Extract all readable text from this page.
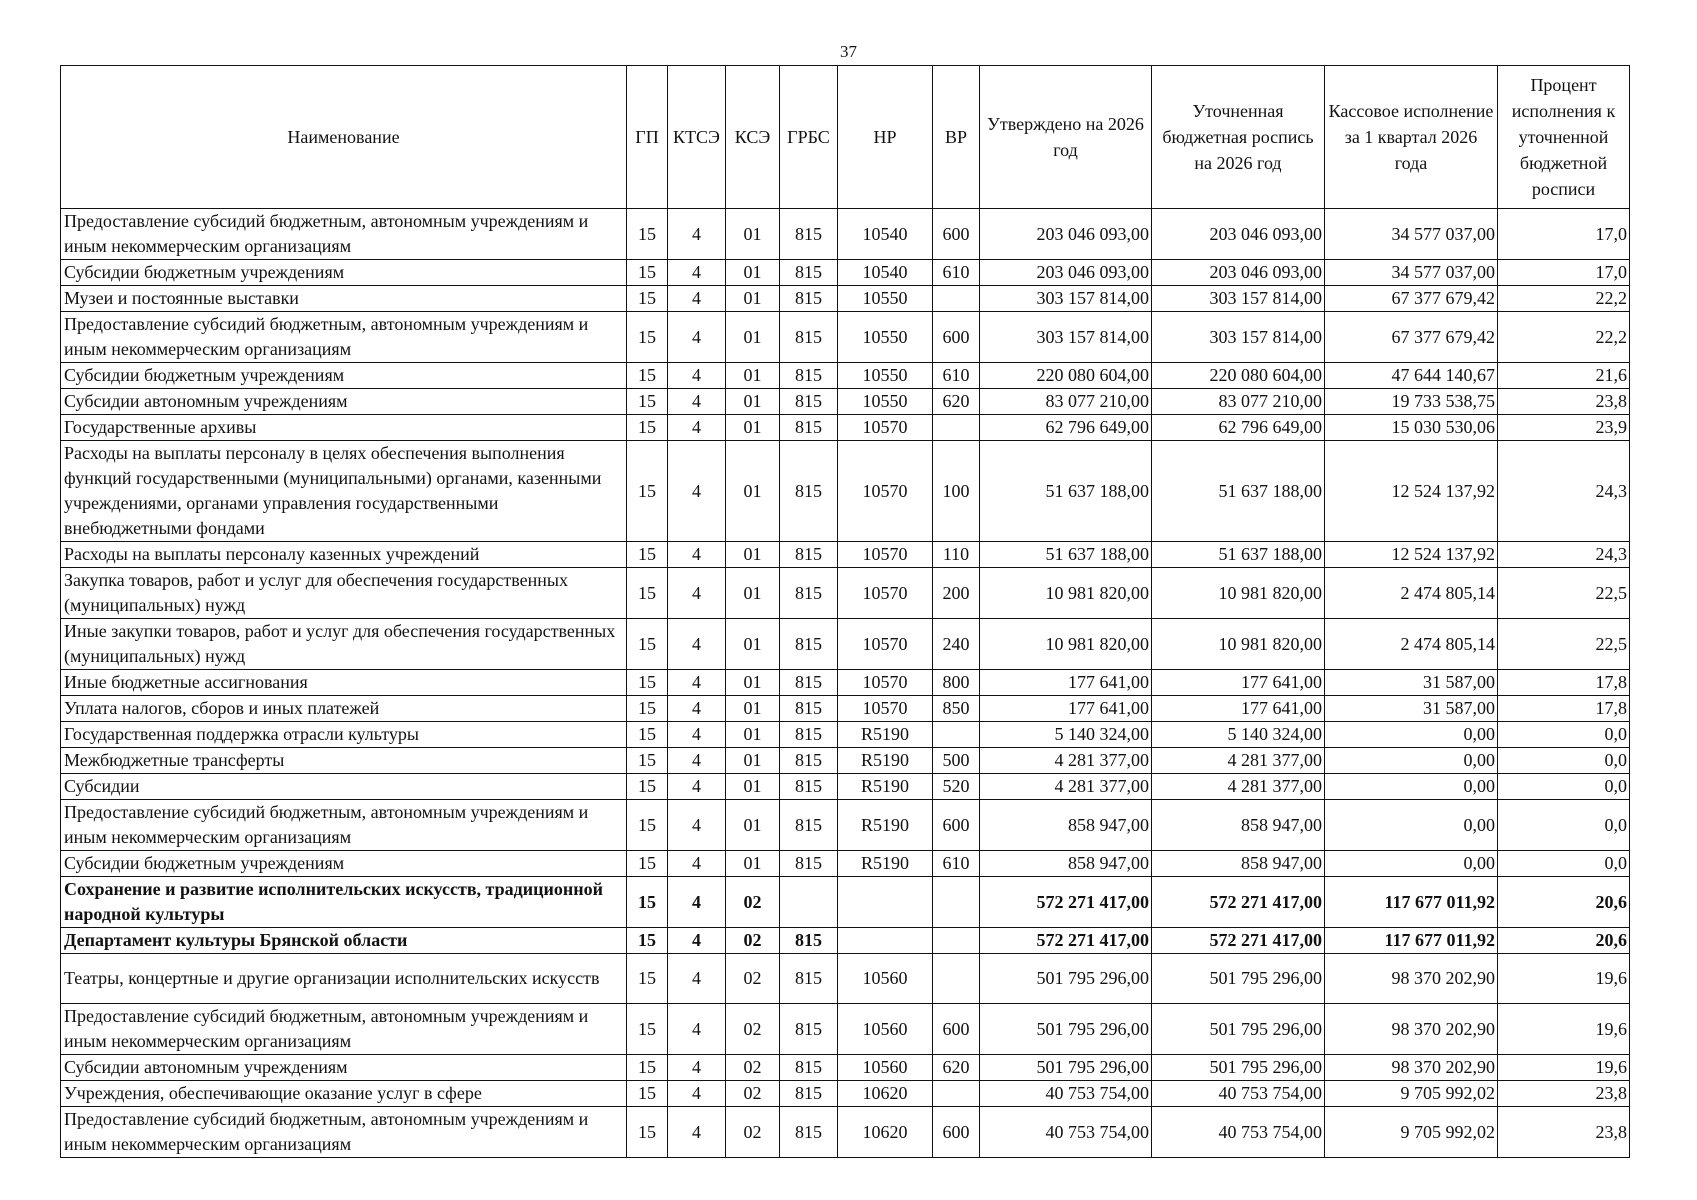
37
Наименование	ГП	КТСЭ	КСЭ	ГРБС	НР	ВР	Утверждено на 2026 год	Уточненная бюджетная роспись на 2026 год	Кассовое исполнение за 1 квартал 2026 года	Процент исполнения к уточненной бюджетной росписи
Предоставление субсидий бюджетным, автономным учреждениям и иным некоммерческим организациям	15	4	01	815	10540	600	203 046 093,00	203 046 093,00	34 577 037,00	17,0
Субсидии бюджетным учреждениям	15	4	01	815	10540	610	203 046 093,00	203 046 093,00	34 577 037,00	17,0
Музеи и постоянные выставки	15	4	01	815	10550		303 157 814,00	303 157 814,00	67 377 679,42	22,2
Предоставление субсидий бюджетным, автономным учреждениям и иным некоммерческим организациям	15	4	01	815	10550	600	303 157 814,00	303 157 814,00	67 377 679,42	22,2
Субсидии бюджетным учреждениям	15	4	01	815	10550	610	220 080 604,00	220 080 604,00	47 644 140,67	21,6
Субсидии автономным учреждениям	15	4	01	815	10550	620	83 077 210,00	83 077 210,00	19 733 538,75	23,8
Государственные архивы	15	4	01	815	10570		62 796 649,00	62 796 649,00	15 030 530,06	23,9
Расходы на выплаты персоналу в целях обеспечения выполнения функций государственными (муниципальными) органами, казенными учреждениями, органами управления государственными внебюджетными фондами	15	4	01	815	10570	100	51 637 188,00	51 637 188,00	12 524 137,92	24,3
Расходы на выплаты персоналу казенных учреждений	15	4	01	815	10570	110	51 637 188,00	51 637 188,00	12 524 137,92	24,3
Закупка товаров, работ и услуг для обеспечения государственных (муниципальных) нужд	15	4	01	815	10570	200	10 981 820,00	10 981 820,00	2 474 805,14	22,5
Иные закупки товаров, работ и услуг для обеспечения государственных (муниципальных) нужд	15	4	01	815	10570	240	10 981 820,00	10 981 820,00	2 474 805,14	22,5
Иные бюджетные ассигнования	15	4	01	815	10570	800	177 641,00	177 641,00	31 587,00	17,8
Уплата налогов, сборов и иных платежей	15	4	01	815	10570	850	177 641,00	177 641,00	31 587,00	17,8
Государственная поддержка отрасли культуры	15	4	01	815	R5190		5 140 324,00	5 140 324,00	0,00	0,0
Межбюджетные трансферты	15	4	01	815	R5190	500	4 281 377,00	4 281 377,00	0,00	0,0
Субсидии	15	4	01	815	R5190	520	4 281 377,00	4 281 377,00	0,00	0,0
Предоставление субсидий бюджетным, автономным учреждениям и иным некоммерческим организациям	15	4	01	815	R5190	600	858 947,00	858 947,00	0,00	0,0
Субсидии бюджетным учреждениям	15	4	01	815	R5190	610	858 947,00	858 947,00	0,00	0,0
Сохранение и развитие исполнительских искусств, традиционной народной культуры	15	4	02				572 271 417,00	572 271 417,00	117 677 011,92	20,6
Департамент культуры Брянской области	15	4	02	815			572 271 417,00	572 271 417,00	117 677 011,92	20,6
Театры, концертные и другие организации исполнительских искусств	15	4	02	815	10560		501 795 296,00	501 795 296,00	98 370 202,90	19,6
Предоставление субсидий бюджетным, автономным учреждениям и иным некоммерческим организациям	15	4	02	815	10560	600	501 795 296,00	501 795 296,00	98 370 202,90	19,6
Субсидии автономным учреждениям	15	4	02	815	10560	620	501 795 296,00	501 795 296,00	98 370 202,90	19,6
Учреждения, обеспечивающие оказание услуг в сфере	15	4	02	815	10620		40 753 754,00	40 753 754,00	9 705 992,02	23,8
Предоставление субсидий бюджетным, автономным учреждениям и иным некоммерческим организациям	15	4	02	815	10620	600	40 753 754,00	40 753 754,00	9 705 992,02	23,8
